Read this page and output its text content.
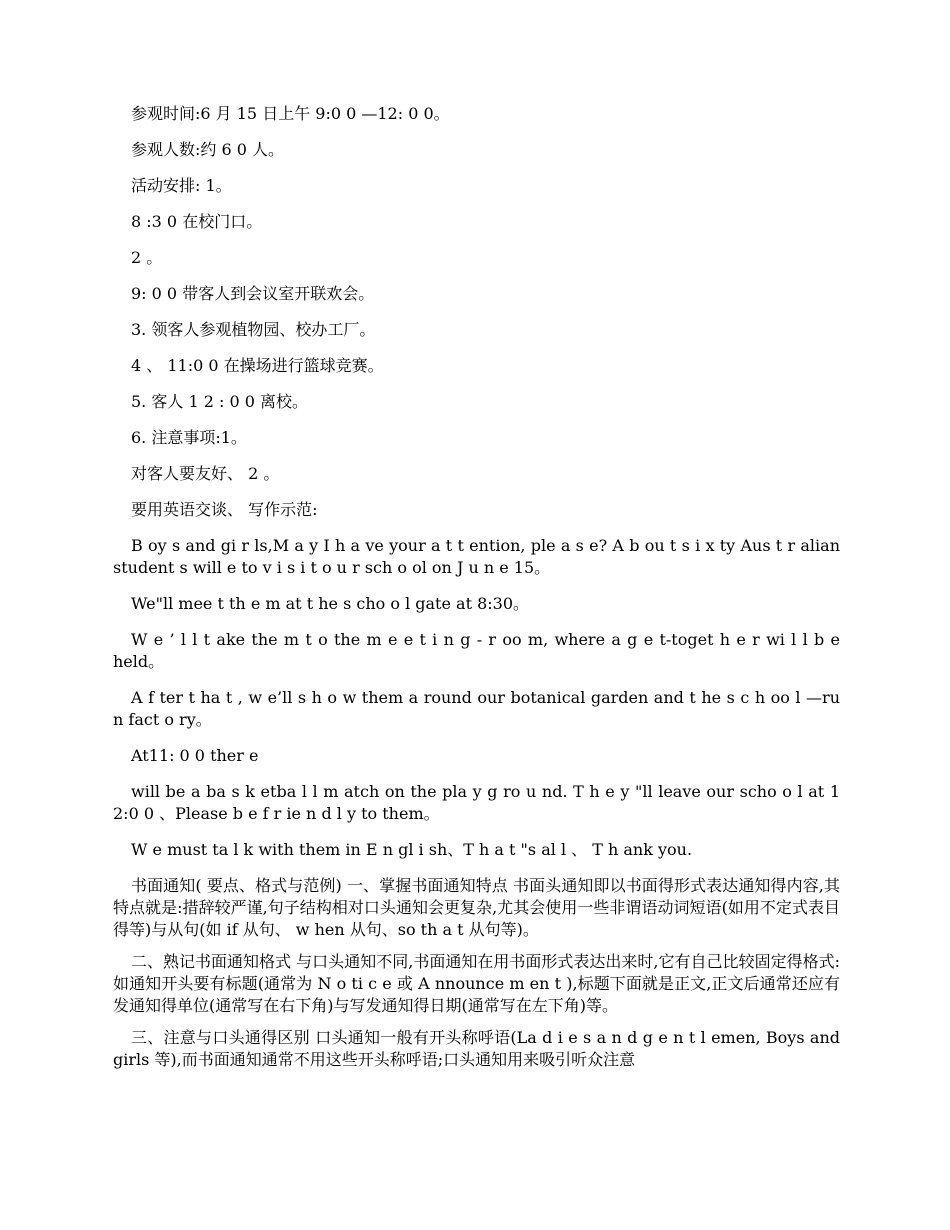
参观时间:6 月 15 日上午 9:0 0 —12: 0 0。

参观人数:约 6 0 人。

活动安排: 1。

8 :3 0 在校门口。

2 。

9: 0 0 带客人到会议室开联欢会。

3. 领客人参观植物园、校办工厂。

4 、 11:0 0 在操场进行篮球竞赛。

5. 客人 1 2 : 0 0 离校。

6. 注意事项:1。

对客人要友好、 2 。

要用英语交谈、 写作示范:

B oy s and gi r ls,M a y I h a ve your a t t ention, ple a s e? A b ou t s i x ty Aus t r alian student s will e to v i s i t o u r sch o ol on J u n e 15。

We"ll mee t th e m at t he s cho o l gate at 8:30。

W e ’ l l t ake the m t o the m e e t i n g - r oo m, where a g e t-toget h e r wi l l b e held。

A f ter t ha t , w e’ll s h o w them a round our botanical garden and t he s c h oo l —ru n fact o ry。

At11: 0 0 ther e

will be a ba s k etba l l m atch on the pla y g ro u nd. T h e y "ll leave our scho o l at 1 2:0 0 、Please b e f r ie n d l y to them。

W e must ta l k with them in E n gl i sh、T h a t "s al l 、 T h ank you.

书面通知( 要点、格式与范例) 一、掌握书面通知特点 书面头通知即以书面得形式表达通知得内容,其特点就是:措辞较严谨,句子结构相对口头通知会更复杂,尤其会使用一些非谓语动词短语(如用不定式表目得等)与从句(如 if 从句、 w hen 从句、so th a t 从句等)。

二、熟记书面通知格式 与口头通知不同,书面通知在用书面形式表达出来时,它有自己比较固定得格式:如通知开头要有标题(通常为 N o ti c e 或 A nnounce m en t ),标题下面就是正文,正文后通常还应有发通知得单位(通常写在右下角)与写发通知得日期(通常写在左下角)等。

三、注意与口头通得区别 口头通知一般有开头称呼语(La d i e s a n d g e n t l emen, Boys and girls 等),而书面通知通常不用这些开头称呼语;口头通知用来吸引听众注意
